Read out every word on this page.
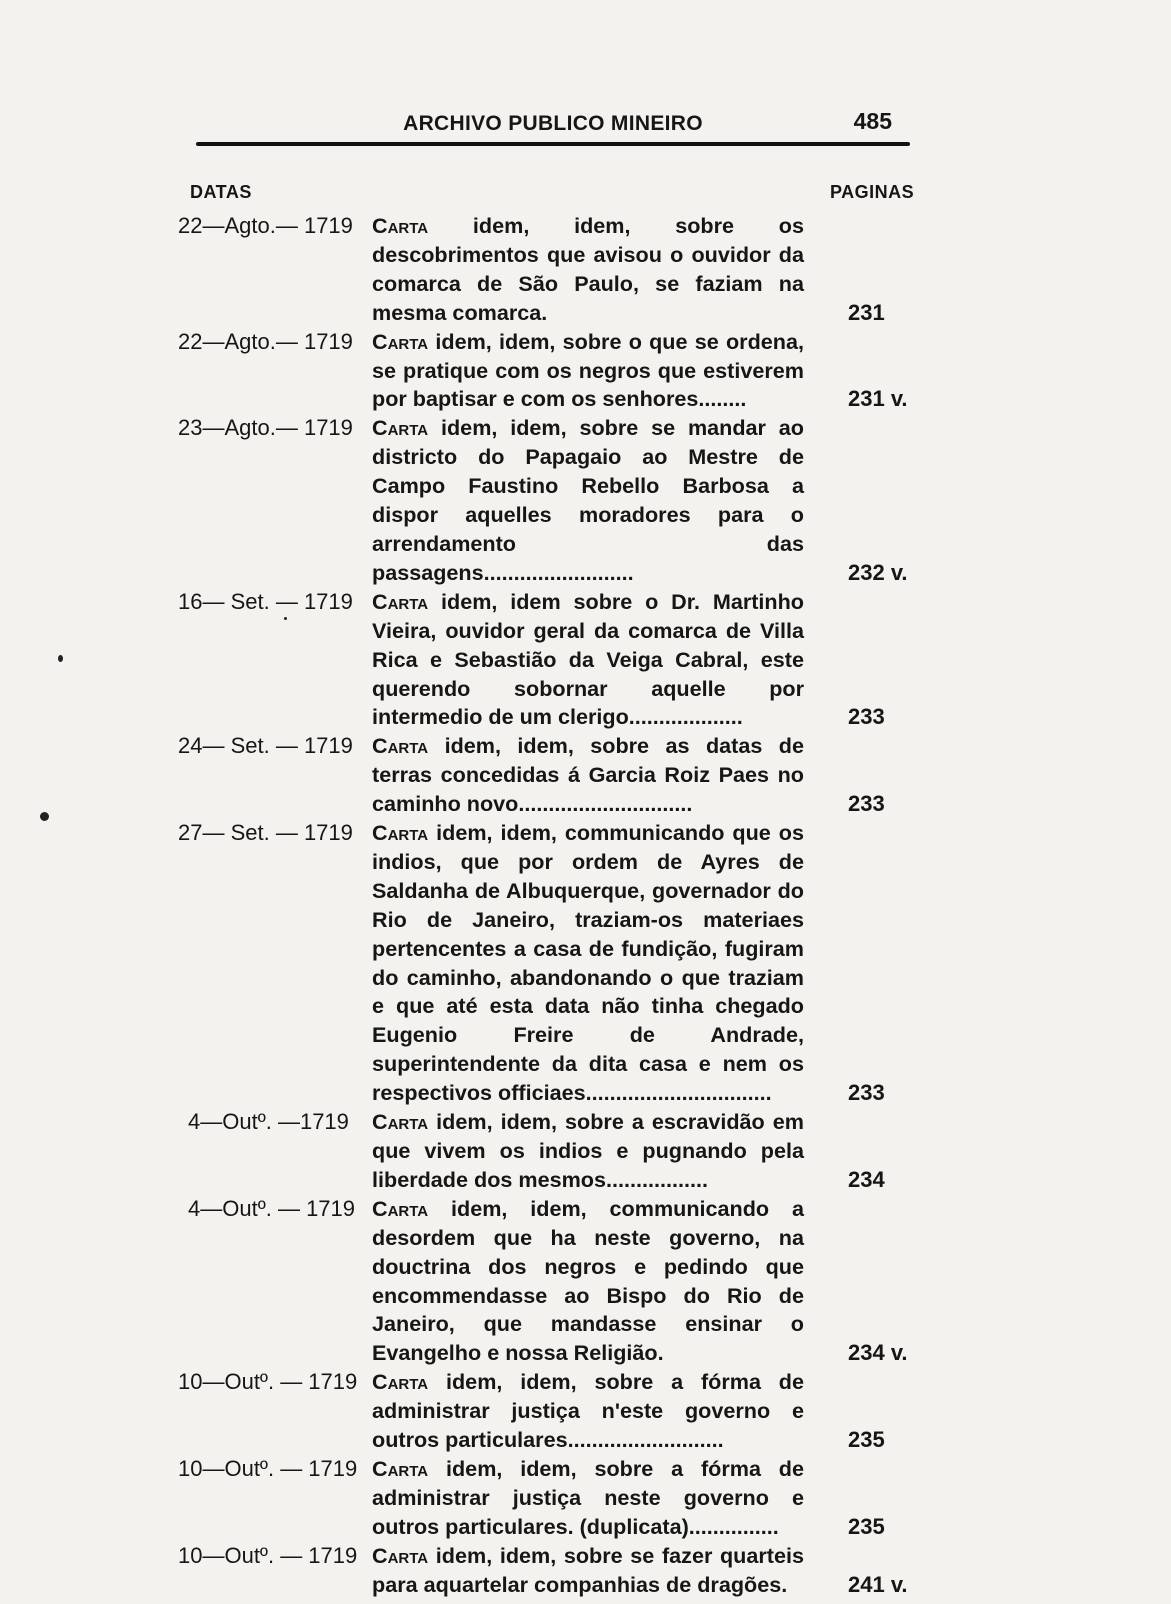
ARCHIVO PUBLICO MINEIRO	485
DATAS	PAGINAS
22—Agto.— 1719 Carta idem, idem, sobre os descobrimentos que avisou o ouvidor da comarca de São Paulo, se faziam na mesma comarca.	231
22—Agto.— 1719 Carta idem, idem, sobre o que se ordena, se pratique com os negros que estiverem por baptisar e com os senhores........	231 v.
23—Agto.— 1719 Carta idem, idem, sobre se mandar ao districto do Papagaio ao Mestre de Campo Faustino Rebello Barbosa a dispor aquelles moradores para o arrendamento das passagens.........................	232 v.
16— Set. — 1719 Carta idem, idem sobre o Dr. Martinho Vieira, ouvidor geral da comarca de Villa Rica e Sebastião da Veiga Cabral, este querendo sobornar aquelle por intermedio de um clerigo...................	233
24— Set. — 1719 Carta idem, idem, sobre as datas de terras concedidas á Garcia Roiz Paes no caminho novo.............................	233
27— Set. — 1719 Carta idem, idem, communicando que os indios, que por ordem de Ayres de Saldanha de Albuquerque, governador do Rio de Janeiro, traziam-os materiaes pertencentes a casa de fundição, fugiram do caminho, abandonando o que traziam e que até esta data não tinha chegado Eugenio Freire de Andrade, superintendente da dita casa e nem os respectivos officiaes...............................	233
4—Outº. —1719 Carta idem, idem, sobre a escravidão em que vivem os indios e pugnando pela liberdade dos mesmos.................	234
4—Outº. — 1719 Carta idem, idem, communicando a desordem que ha neste governo, na douctrina dos negros e pedindo que encommendasse ao Bispo do Rio de Janeiro, que mandasse ensinar o Evangelho e nossa Religião.	234 v.
10—Outº. — 1719 Carta idem, idem, sobre a fórma de administrar justiça n'este governo e outros particulares..........................	235
10—Outº. — 1719 Carta idem, idem, sobre a fórma de administrar justiça neste governo e outros particulares. (duplicata)...............	235
10—Outº. — 1719 Carta idem, idem, sobre se fazer quarteis para aquartelar companhias de dragões.	241 v.
